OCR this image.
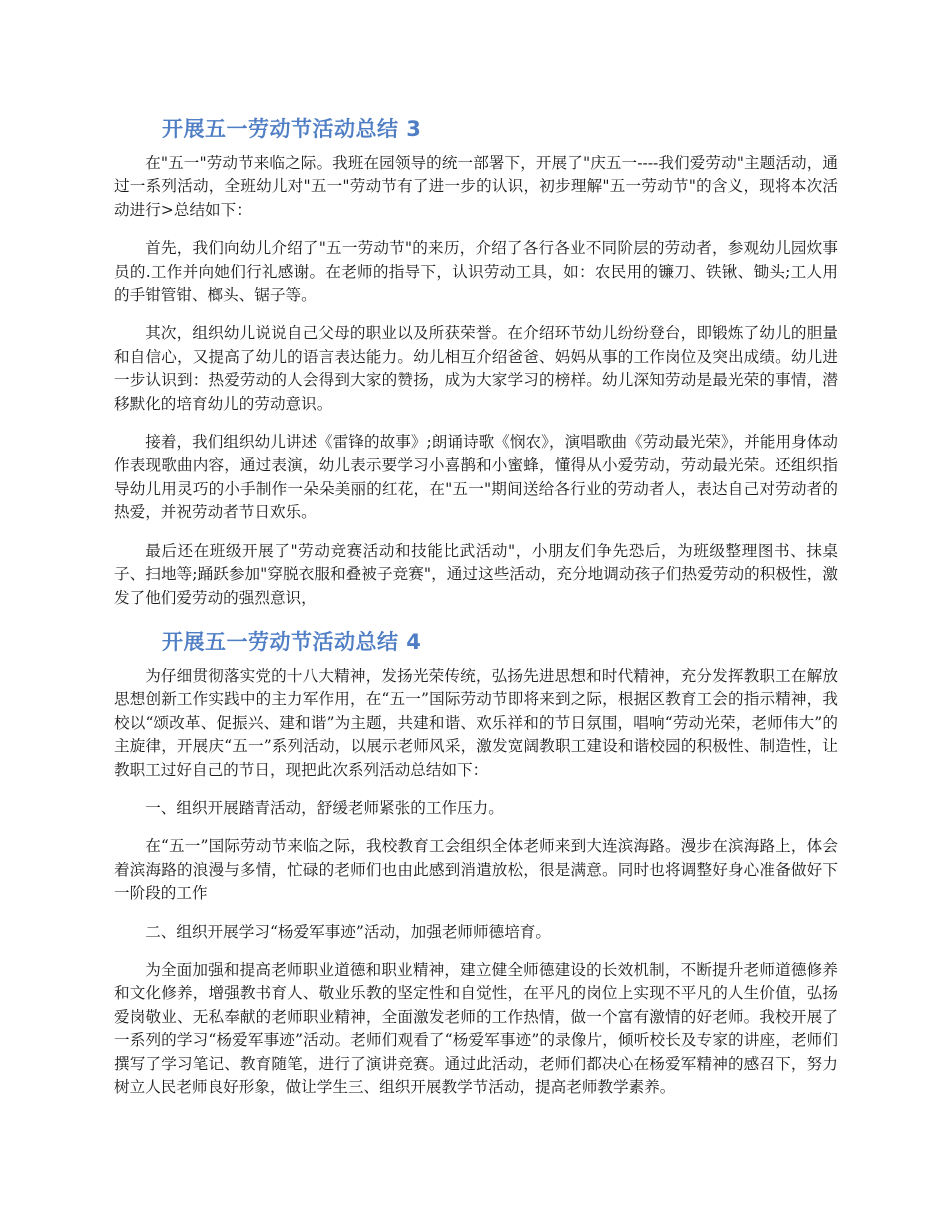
开展五一劳动节活动总结 3

在"五一"劳动节来临之际。我班在园领导的统一部署下，开展了"庆五一----我们爱劳动"主题活动，通过一系列活动，全班幼儿对"五一"劳动节有了进一步的认识，初步理解"五一劳动节"的含义，现将本次活动进行>总结如下：

首先，我们向幼儿介绍了"五一劳动节"的来历，介绍了各行各业不同阶层的劳动者，参观幼儿园炊事员的.工作并向她们行礼感谢。在老师的指导下，认识劳动工具，如：农民用的镰刀、铁锹、锄头;工人用的手钳管钳、榔头、锯子等。

其次，组织幼儿说说自己父母的职业以及所获荣誉。在介绍环节幼儿纷纷登台，即锻炼了幼儿的胆量和自信心，又提高了幼儿的语言表达能力。幼儿相互介绍爸爸、妈妈从事的工作岗位及突出成绩。幼儿进一步认识到：热爱劳动的人会得到大家的赞扬，成为大家学习的榜样。幼儿深知劳动是最光荣的事情，潜移默化的培育幼儿的劳动意识。

接着，我们组织幼儿讲述《雷锋的故事》;朗诵诗歌《悯农》，演唱歌曲《劳动最光荣》，并能用身体动作表现歌曲内容，通过表演，幼儿表示要学习小喜鹊和小蜜蜂，懂得从小爱劳动，劳动最光荣。还组织指导幼儿用灵巧的小手制作一朵朵美丽的红花，在"五一"期间送给各行业的劳动者人，表达自己对劳动者的热爱，并祝劳动者节日欢乐。

最后还在班级开展了"劳动竞赛活动和技能比武活动"，小朋友们争先恐后，为班级整理图书、抹桌子、扫地等;踊跃参加"穿脱衣服和叠被子竞赛"，通过这些活动，充分地调动孩子们热爱劳动的积极性，激发了他们爱劳动的强烈意识，

开展五一劳动节活动总结 4

为仔细贯彻落实党的十八大精神，发扬光荣传统，弘扬先进思想和时代精神，充分发挥教职工在解放思想创新工作实践中的主力军作用，在“五一”国际劳动节即将来到之际，根据区教育工会的指示精神，我校以“颂改革、促振兴、建和谐”为主题，共建和谐、欢乐祥和的节日氛围，唱响“劳动光荣，老师伟大”的主旋律，开展庆“五一”系列活动，以展示老师风采，激发宽阔教职工建设和谐校园的积极性、制造性，让教职工过好自己的节日，现把此次系列活动总结如下：

一、组织开展踏青活动，舒缓老师紧张的工作压力。

在“五一”国际劳动节来临之际，我校教育工会组织全体老师来到大连滨海路。漫步在滨海路上，体会着滨海路的浪漫与多情，忙碌的老师们也由此感到消遣放松，很是满意。同时也将调整好身心准备做好下一阶段的工作

二、组织开展学习“杨爱军事迹”活动，加强老师师德培育。

为全面加强和提高老师职业道德和职业精神，建立健全师德建设的长效机制，不断提升老师道德修养和文化修养，增强教书育人、敬业乐教的坚定性和自觉性，在平凡的岗位上实现不平凡的人生价值，弘扬爱岗敬业、无私奉献的老师职业精神，全面激发老师的工作热情，做一个富有激情的好老师。我校开展了一系列的学习“杨爱军事迹”活动。老师们观看了“杨爱军事迹”的录像片，倾听校长及专家的讲座，老师们撰写了学习笔记、教育随笔，进行了演讲竞赛。通过此活动，老师们都决心在杨爱军精神的感召下，努力树立人民老师良好形象，做让学生三、组织开展教学节活动，提高老师教学素养。
